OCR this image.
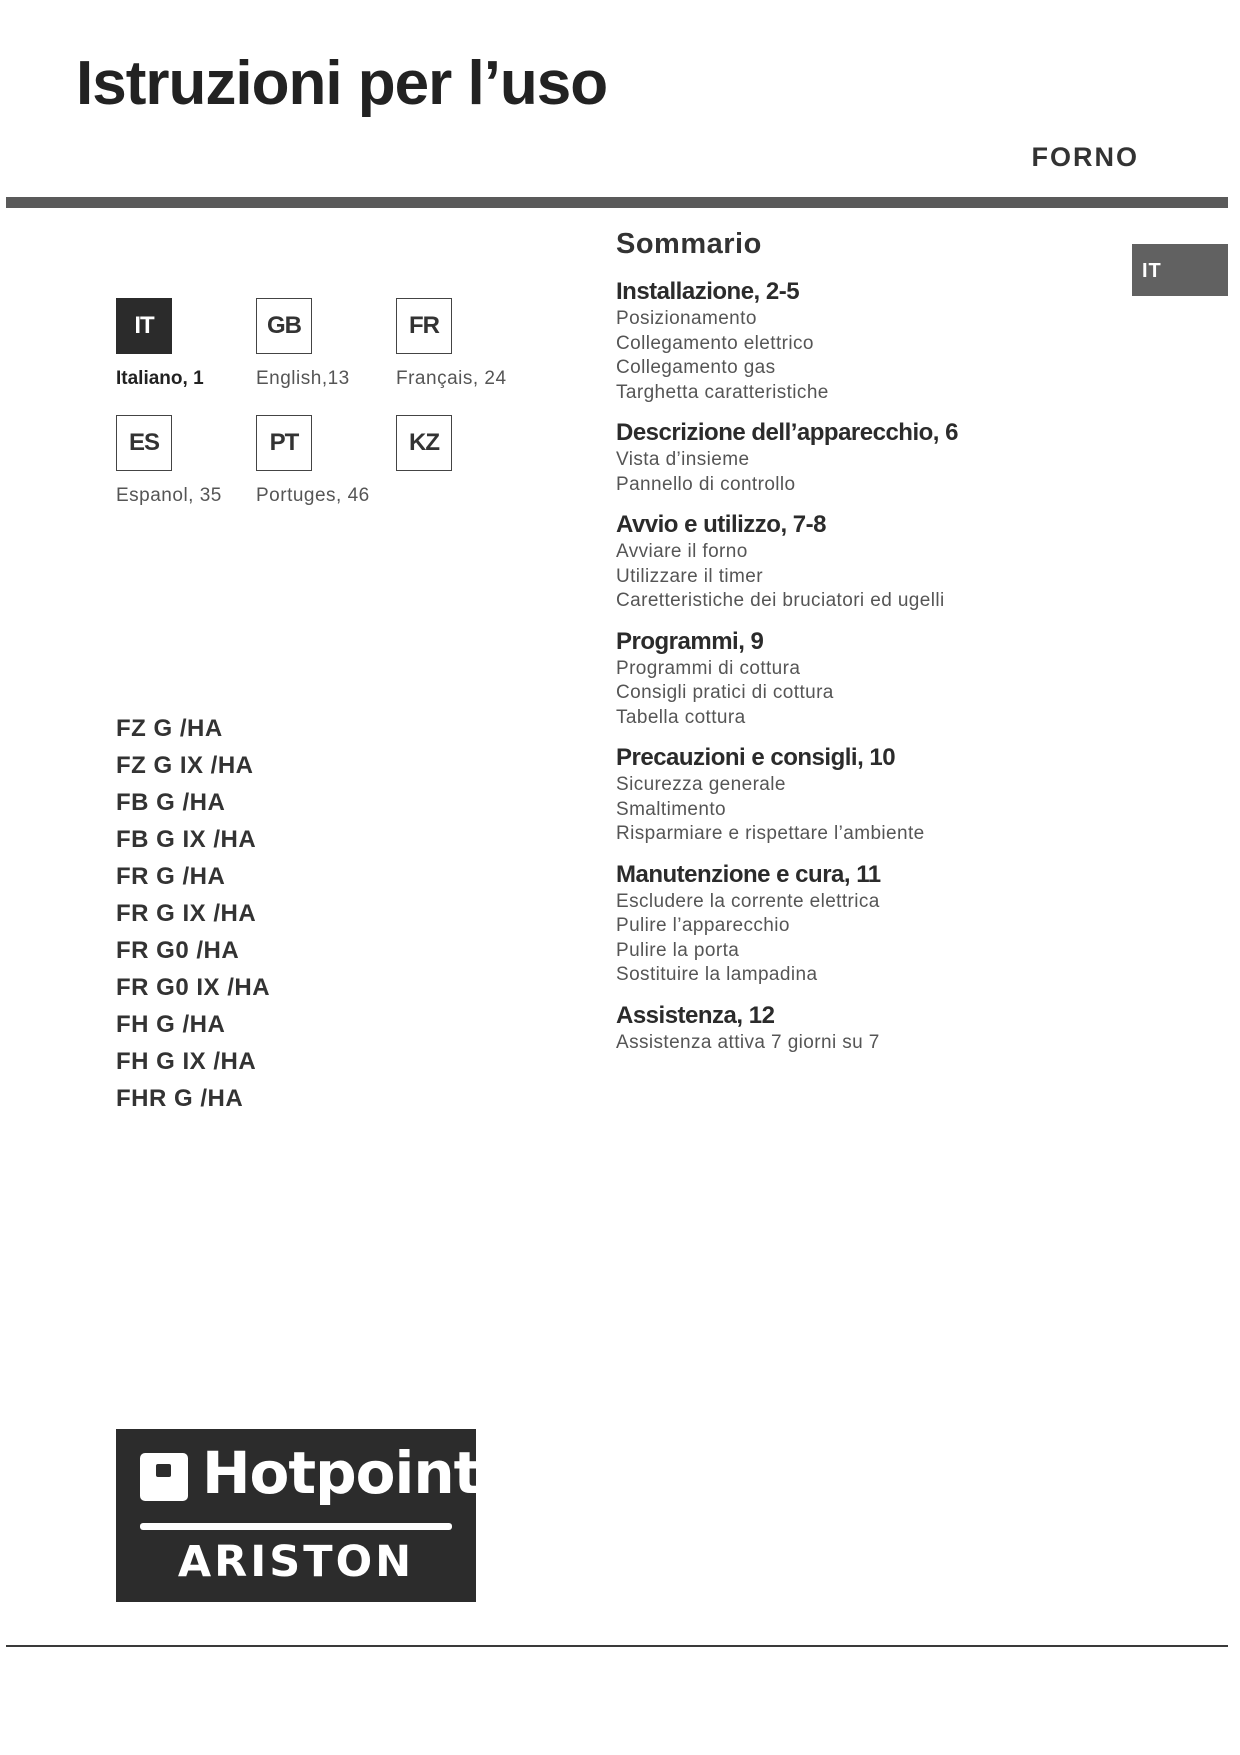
Istruzioni per l’uso
FORNO
IT
IT
Italiano, 1
GB
English,13
FR
Français, 24
ES
Espanol, 35
PT
Portuges, 46
KZ
FZ G /HA
FZ G IX /HA
FB G /HA
FB G IX /HA
FR G /HA
FR G IX /HA
FR G0 /HA
FR G0 IX /HA
FH G /HA
FH G IX /HA
FHR G /HA
Sommario
Installazione, 2-5
Posizionamento
Collegamento elettrico
Collegamento gas
Targhetta caratteristiche
Descrizione dell’apparecchio, 6
Vista d’insieme
Pannello di controllo
Avvio e utilizzo, 7-8
Avviare il forno
Utilizzare il timer
Caretteristiche dei bruciatori ed ugelli
Programmi, 9
Programmi di cottura
Consigli pratici di cottura
Tabella cottura
Precauzioni e consigli, 10
Sicurezza generale
Smaltimento
Risparmiare e rispettare l’ambiente
Manutenzione e cura, 11
Escludere la corrente elettrica
Pulire l’apparecchio
Pulire la porta
Sostituire la lampadina
Assistenza, 12
Assistenza attiva 7 giorni su 7
Hotpoint
ARISTON
